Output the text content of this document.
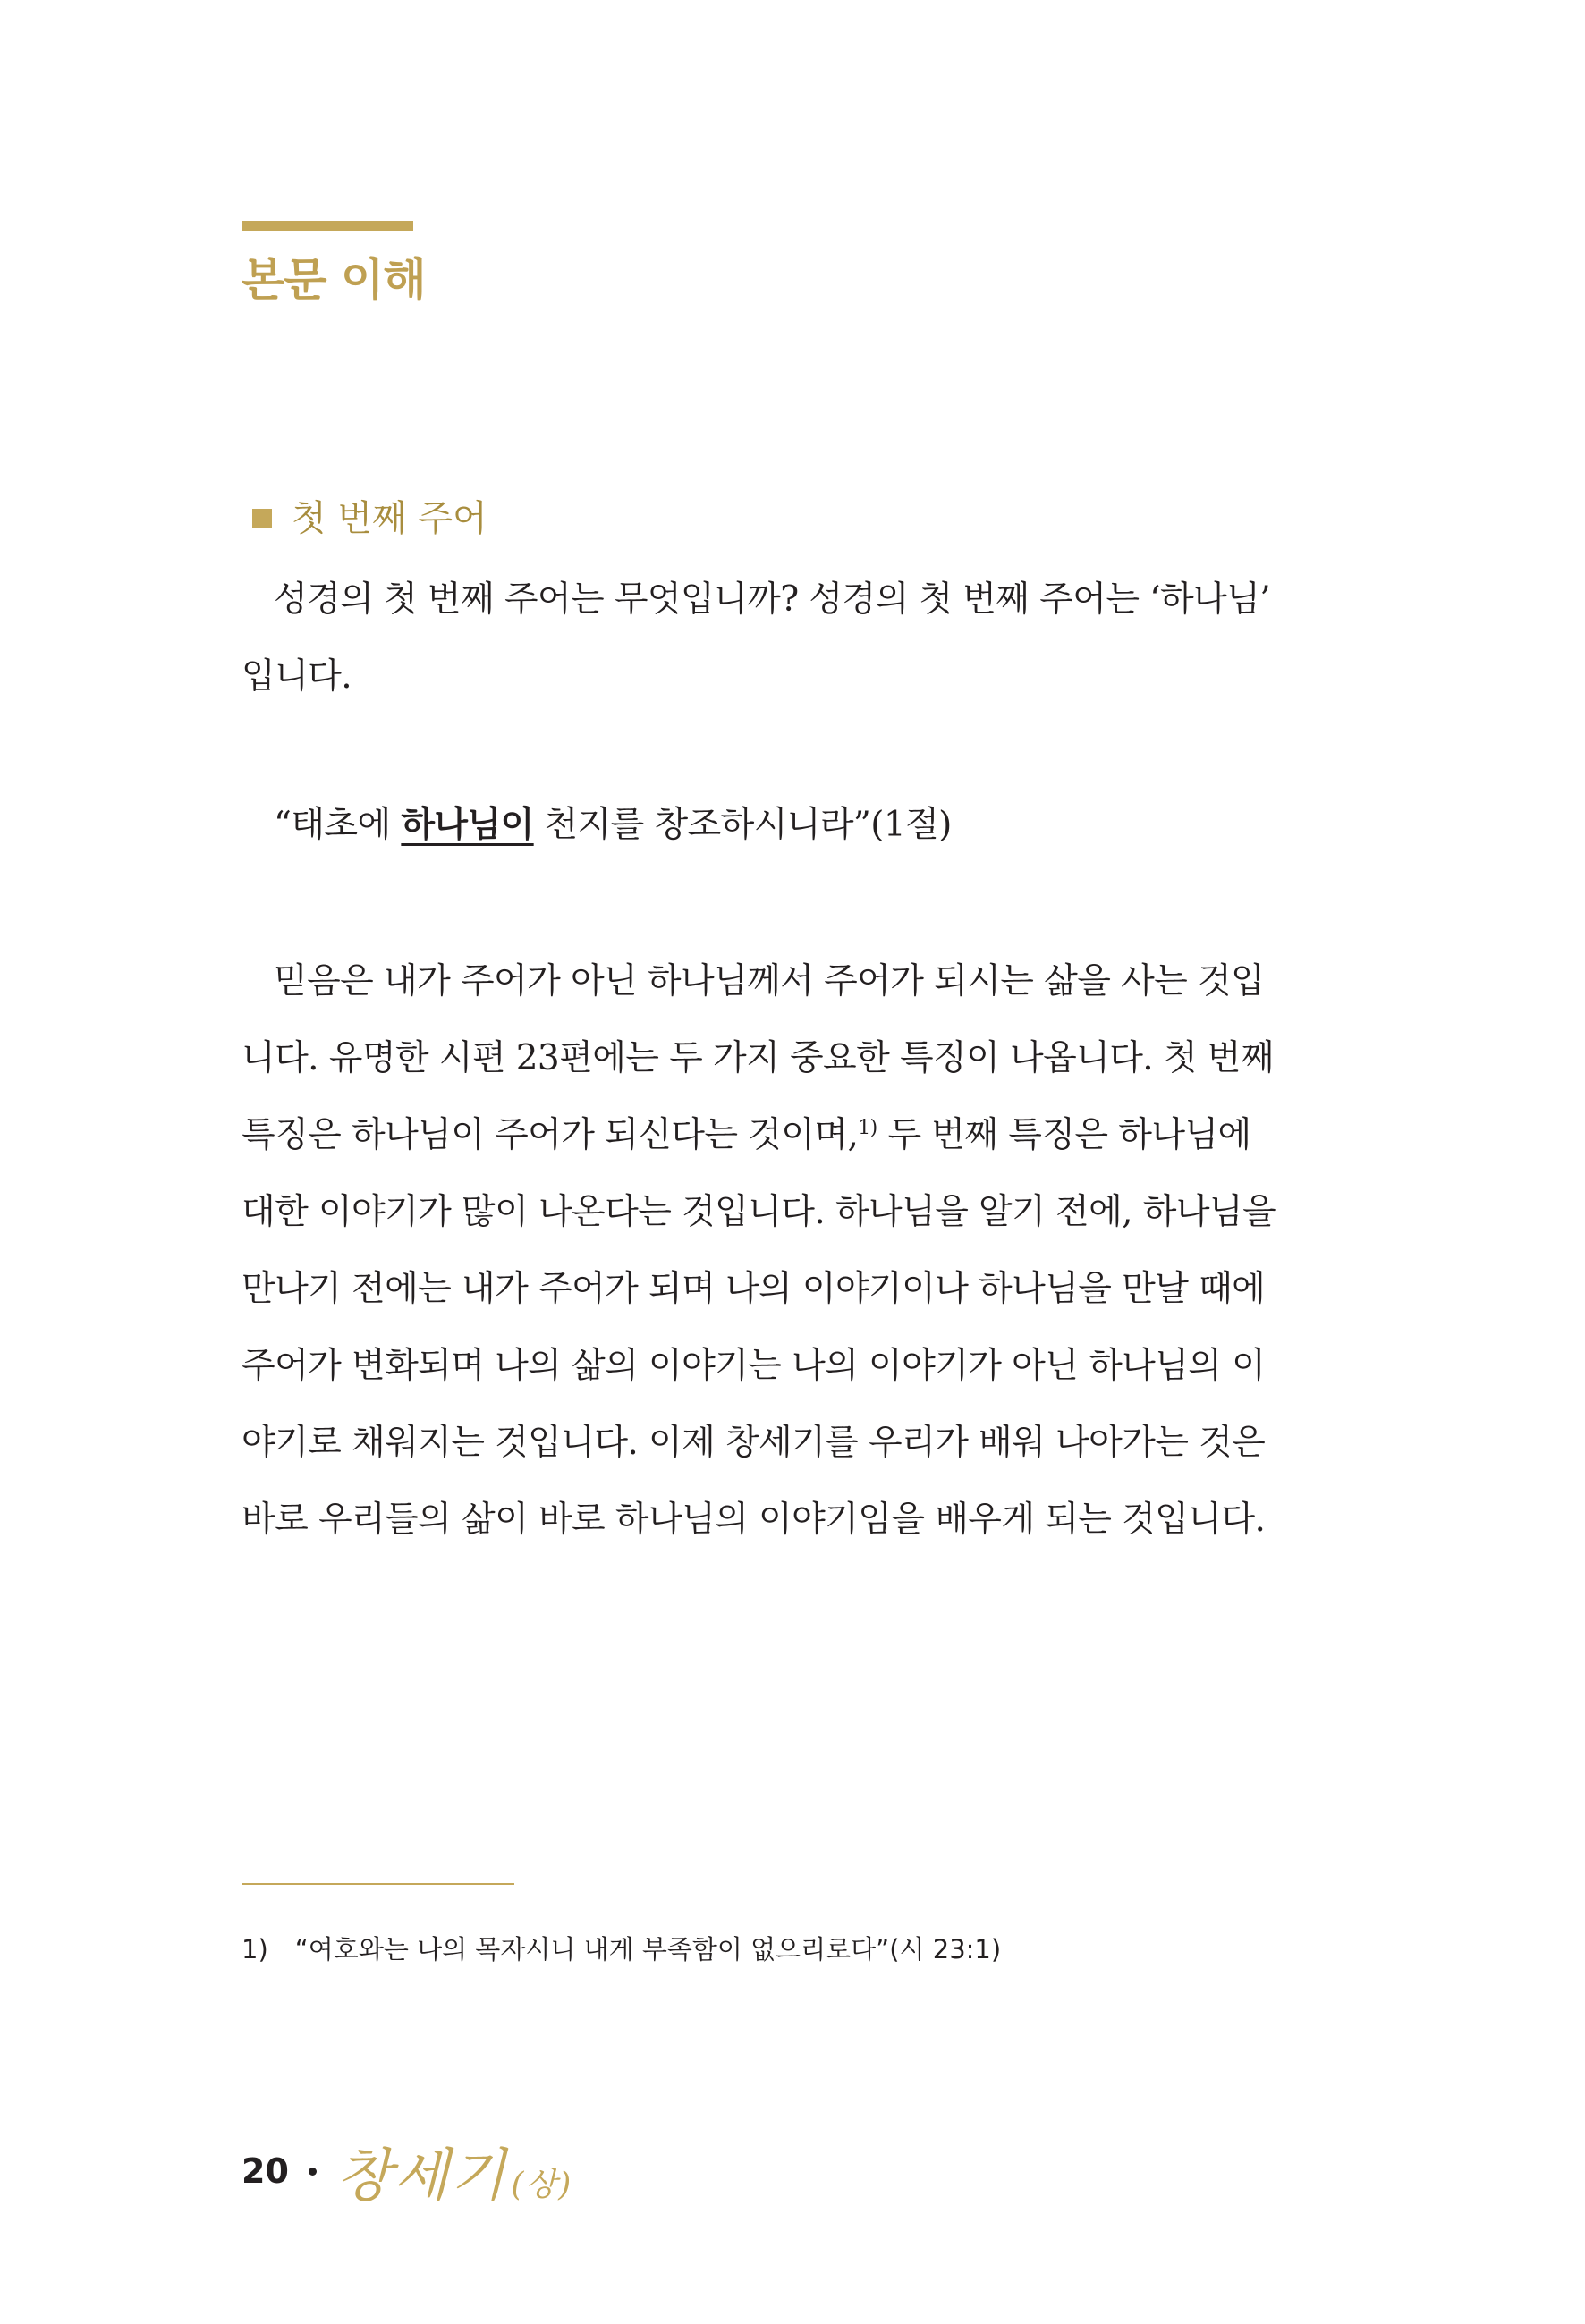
본문 이해
첫 번째 주어
성경의 첫 번째 주어는 무엇입니까? 성경의 첫 번째 주어는 ‘하나님’
입니다.
“태초에 하나님이 천지를 창조하시니라”(1절)
믿음은 내가 주어가 아닌 하나님께서 주어가 되시는 삶을 사는 것입
니다. 유명한 시편 23편에는 두 가지 중요한 특징이 나옵니다. 첫 번째
특징은 하나님이 주어가 되신다는 것이며,$^{1)}$ 두 번째 특징은 하나님에
대한 이야기가 많이 나온다는 것입니다. 하나님을 알기 전에, 하나님을
만나기 전에는 내가 주어가 되며 나의 이야기이나 하나님을 만날 때에
주어가 변화되며 나의 삶의 이야기는 나의 이야기가 아닌 하나님의 이
야기로 채워지는 것입니다. 이제 창세기를 우리가 배워 나아가는 것은
바로 우리들의 삶이 바로 하나님의 이야기임을 배우게 되는 것입니다.
1) “여호와는 나의 목자시니 내게 부족함이 없으리로다”(시 23:1)
20 창세기 (상)
